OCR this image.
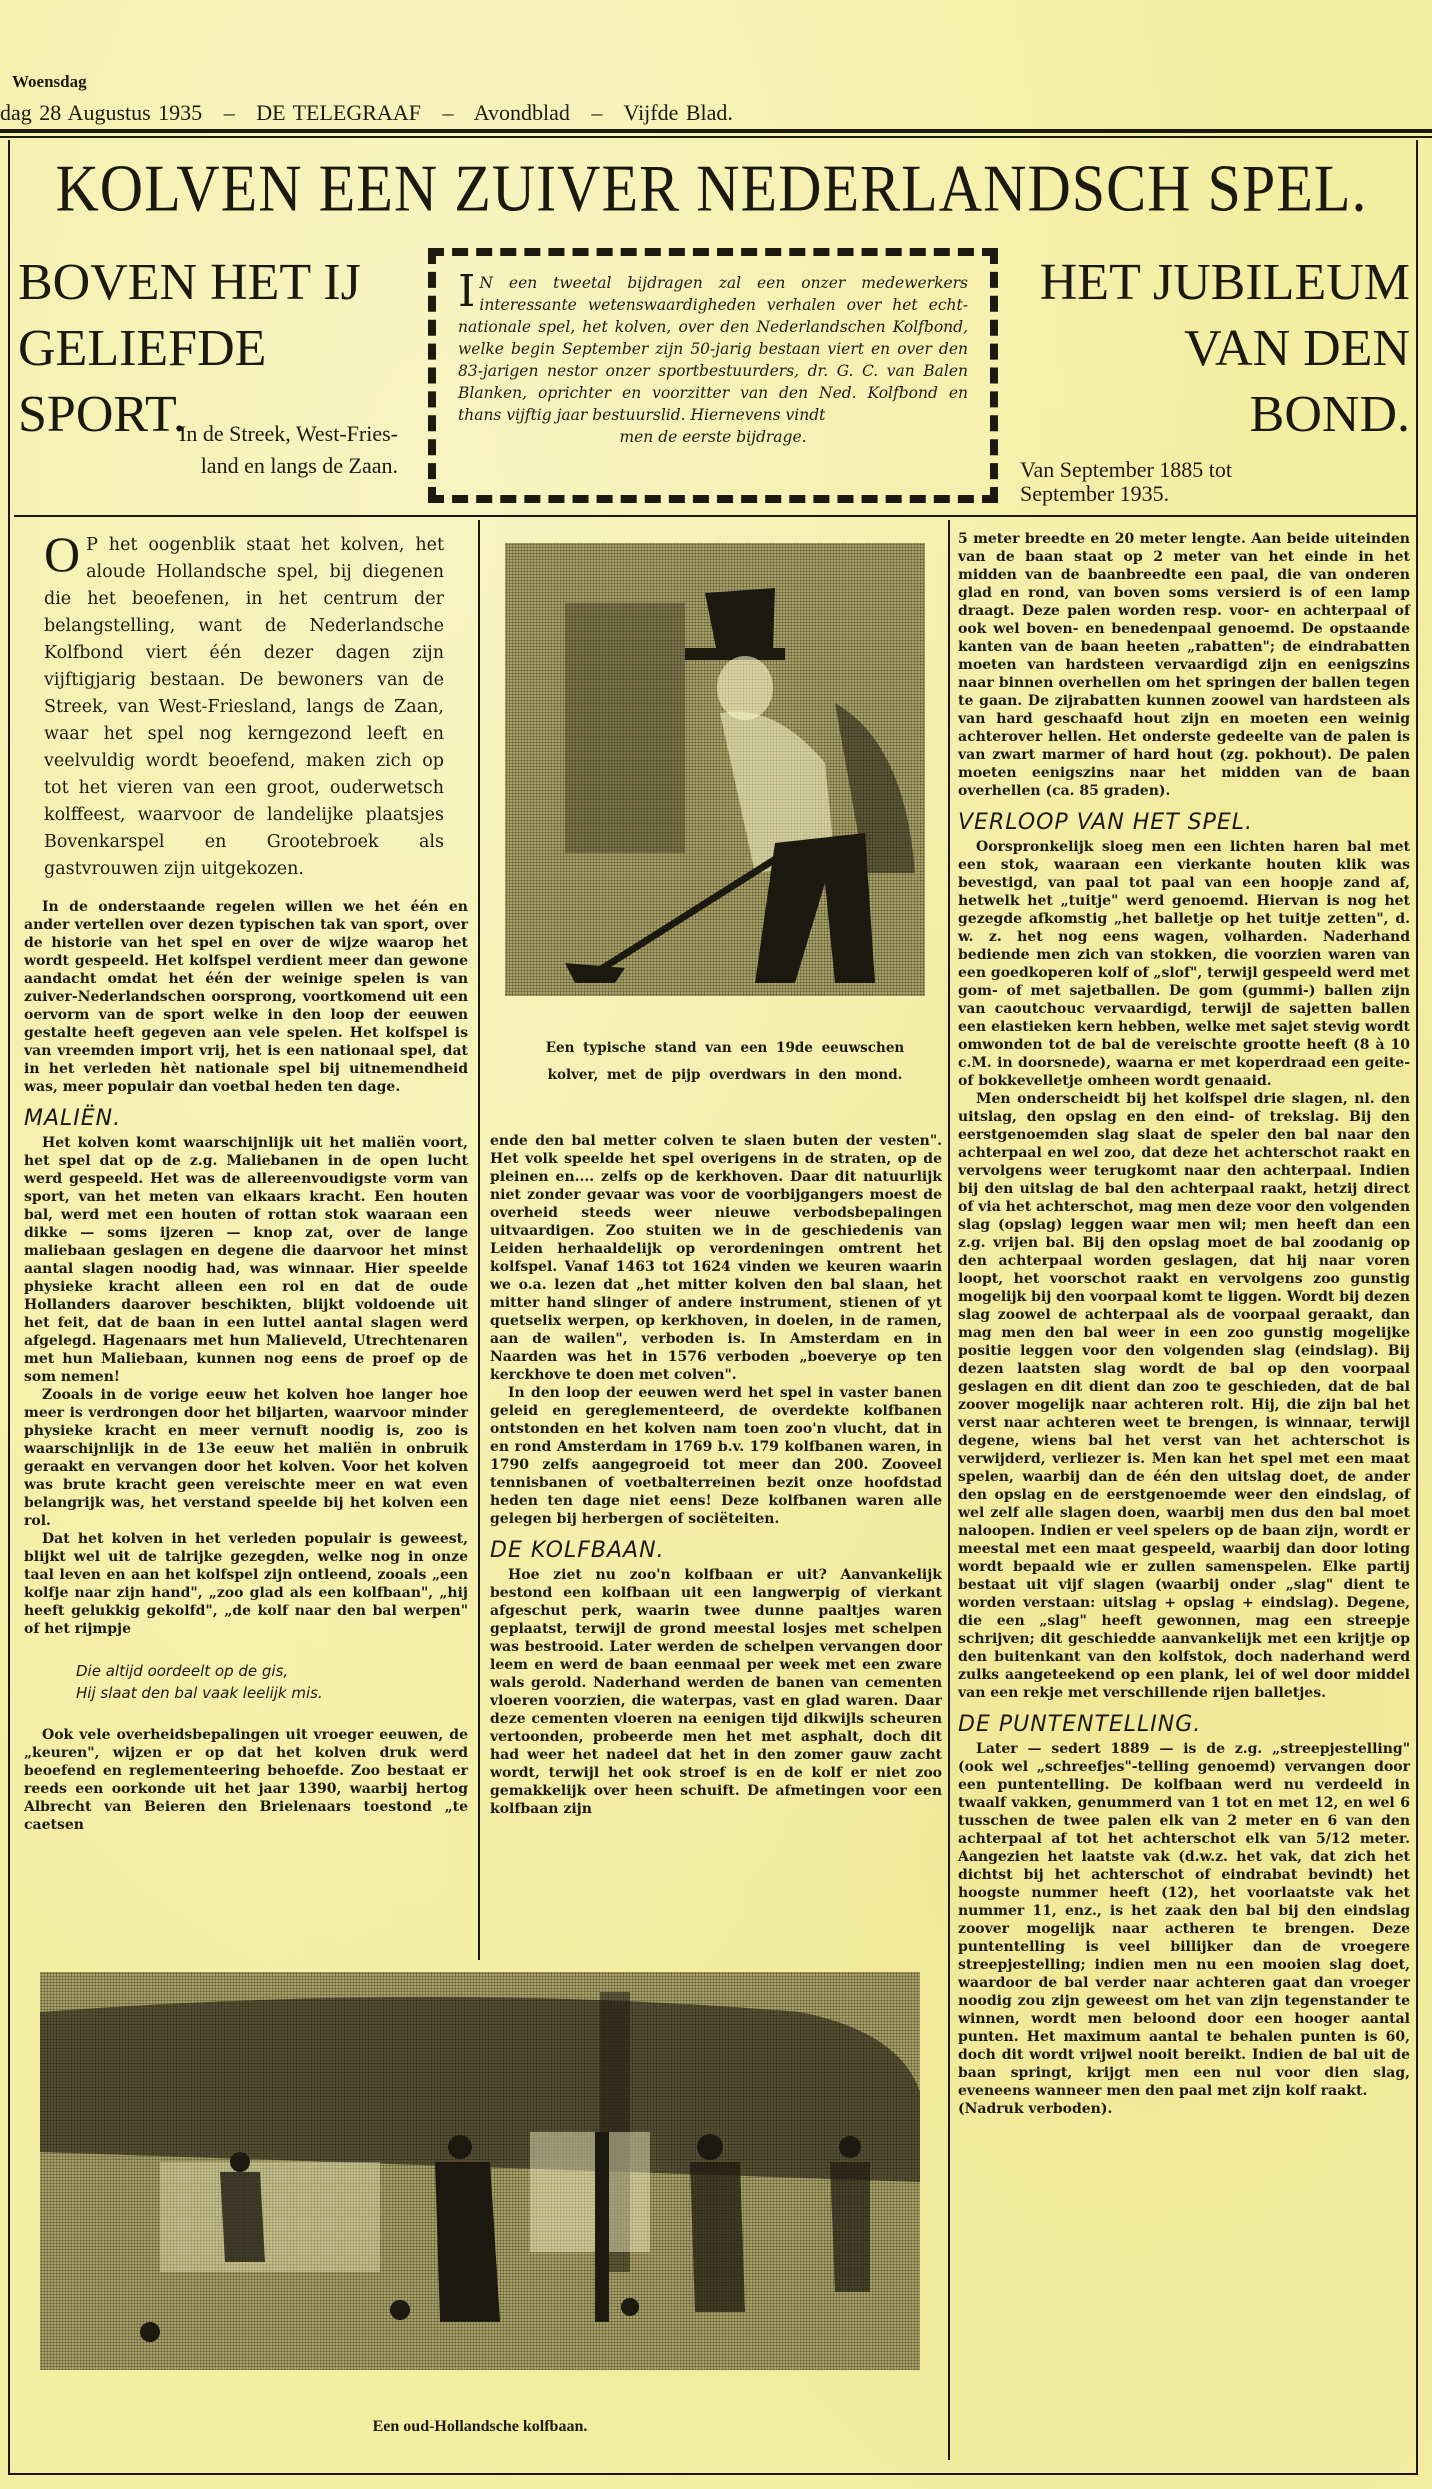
Woensdag
dag 28 Augustus 1935 – DE TELEGRAAF – Avondblad – Vijfde Blad.
KOLVEN EEN ZUIVER NEDERLANDSCH SPEL.
BOVEN HET IJ
GELIEFDE
SPORT.
In de Streek, West-Fries-
land en langs de Zaan.
I N een tweetal bijdragen zal een onzer medewerkers interessante wetenswaardigheden verhalen over het echt-nationale spel, het kolven, over den Nederlandschen Kolfbond, welke begin September zijn 50-jarig bestaan viert en over den 83-jarigen nestor onzer sportbestuurders, dr. G. C. van Balen Blanken, oprichter en voorzitter van den Ned. Kolfbond en thans vijftig jaar bestuurslid. Hiernevens vindt
men de eerste bijdrage.
HET JUBILEUM
VAN DEN
BOND.
Van September 1885 tot
September 1935.
O P het oogenblik staat het kolven, het aloude Hollandsche spel, bij diegenen die het beoefenen, in het centrum der belangstelling, want de Nederlandsche Kolfbond viert één dezer dagen zijn vijftigjarig bestaan. De bewoners van de Streek, van West-Friesland, langs de Zaan, waar het spel nog kerngezond leeft en veelvuldig wordt beoefend, maken zich op tot het vieren van een groot, ouderwetsch kolffeest, waarvoor de landelijke plaatsjes Bovenkarspel en Grootebroek als gastvrouwen zijn uitgekozen.

In de onderstaande regelen willen we het één en ander vertellen over dezen typischen tak van sport, over de historie van het spel en over de wijze waarop het wordt gespeeld. Het kolfspel verdient meer dan gewone aandacht omdat het één der weinige spelen is van zuiver-Nederlandschen oorsprong, voortkomend uit een oervorm van de sport welke in den loop der eeuwen gestalte heeft gegeven aan vele spelen. Het kolfspel is van vreemden import vrij, het is een nationaal spel, dat in het verleden hèt nationale spel bij uitnemendheid was, meer populair dan voetbal heden ten dage.

MALIËN.

Het kolven komt waarschijnlijk uit het maliën voort, het spel dat op de z.g. Maliebanen in de open lucht werd gespeeld. Het was de allereenvoudigste vorm van sport, van het meten van elkaars kracht. Een houten bal, werd met een houten of rottan stok waaraan een dikke — soms ijzeren — knop zat, over de lange maliebaan geslagen en degene die daarvoor het minst aantal slagen noodig had, was winnaar. Hier speelde physieke kracht alleen een rol en dat de oude Hollanders daarover beschikten, blijkt voldoende uit het feit, dat de baan in een luttel aantal slagen werd afgelegd. Hagenaars met hun Malieveld, Utrechtenaren met hun Maliebaan, kunnen nog eens de proef op de som nemen!

Zooals in de vorige eeuw het kolven hoe langer hoe meer is verdrongen door het biljarten, waarvoor minder physieke kracht en meer vernuft noodig is, zoo is waarschijnlijk in de 13e eeuw het maliën in onbruik geraakt en vervangen door het kolven. Voor het kolven was brute kracht geen vereischte meer en wat even belangrijk was, het verstand speelde bij het kolven een rol.

Dat het kolven in het verleden populair is geweest, blijkt wel uit de talrijke gezegden, welke nog in onze taal leven en aan het kolfspel zijn ontleend, zooals „een kolfje naar zijn hand", „zoo glad als een kolfbaan", „hij heeft gelukkig gekolfd", „de kolf naar den bal werpen" of het rijmpje

Die altijd oordeelt op de gis,
Hij slaat den bal vaak leelijk mis.

Ook vele overheidsbepalingen uit vroeger eeuwen, de „keuren", wijzen er op dat het kolven druk werd beoefend en reglementeering behoefde. Zoo bestaat er reeds een oorkonde uit het jaar 1390, waarbij hertog Albrecht van Beieren den Brielenaars toestond „te caetsen

Een typische stand van een 19de eeuwschen
kolver, met de pijp overdwars in den mond.

ende den bal metter colven te slaen buten der vesten". Het volk speelde het spel overigens in de straten, op de pleinen en.... zelfs op de kerkhoven. Daar dit natuurlijk niet zonder gevaar was voor de voorbijgangers moest de overheid steeds weer nieuwe verbodsbepalingen uitvaardigen. Zoo stuiten we in de geschiedenis van Leiden herhaaldelijk op verordeningen omtrent het kolfspel. Vanaf 1463 tot 1624 vinden we keuren waarin we o.a. lezen dat „het mitter kolven den bal slaan, het mitter hand slinger of andere instrument, stienen of yt quetselix werpen, op kerkhoven, in doelen, in de ramen, aan de wailen", verboden is. In Amsterdam en in Naarden was het in 1576 verboden „boeverye op ten kerckhove te doen met colven".

In den loop der eeuwen werd het spel in vaster banen geleid en gereglementeerd, de overdekte kolfbanen ontstonden en het kolven nam toen zoo'n vlucht, dat in en rond Amsterdam in 1769 b.v. 179 kolfbanen waren, in 1790 zelfs aangegroeid tot meer dan 200. Zooveel tennisbanen of voetbalterreinen bezit onze hoofdstad heden ten dage niet eens! Deze kolfbanen waren alle gelegen bij herbergen of sociëteiten.

DE KOLFBAAN.

Hoe ziet nu zoo'n kolfbaan er uit? Aanvankelijk bestond een kolfbaan uit een langwerpig of vierkant afgeschut perk, waarin twee dunne paaltjes waren geplaatst, terwijl de grond meestal losjes met schelpen was bestrooid. Later werden de schelpen vervangen door leem en werd de baan eenmaal per week met een zware wals gerold. Naderhand werden de banen van cementen vloeren voorzien, die waterpas, vast en glad waren. Daar deze cementen vloeren na eenigen tijd dikwijls scheuren vertoonden, probeerde men het met asphalt, doch dit had weer het nadeel dat het in den zomer gauw zacht wordt, terwijl het ook stroef is en de kolf er niet zoo gemakkelijk over heen schuift. De afmetingen voor een kolfbaan zijn

5 meter breedte en 20 meter lengte. Aan beide uiteinden van de baan staat op 2 meter van het einde in het midden van de baanbreedte een paal, die van onderen glad en rond, van boven soms versierd is of een lamp draagt. Deze palen worden resp. voor- en achterpaal of ook wel boven- en benedenpaal genoemd. De opstaande kanten van de baan heeten „rabatten"; de eindrabatten moeten van hardsteen vervaardigd zijn en eenigszins naar binnen overhellen om het springen der ballen tegen te gaan. De zijrabatten kunnen zoowel van hardsteen als van hard geschaafd hout zijn en moeten een weinig achterover hellen. Het onderste gedeelte van de palen is van zwart marmer of hard hout (zg. pokhout). De palen moeten eenigszins naar het midden van de baan overhellen (ca. 85 graden).

VERLOOP VAN HET SPEL.

Oorspronkelijk sloeg men een lichten haren bal met een stok, waaraan een vierkante houten klik was bevestigd, van paal tot paal van een hoopje zand af, hetwelk het „tuitje" werd genoemd. Hiervan is nog het gezegde afkomstig „het balletje op het tuitje zetten", d. w. z. het nog eens wagen, volharden. Naderhand bediende men zich van stokken, die voorzien waren van een goedkoperen kolf of „slof", terwijl gespeeld werd met gom- of met sajetballen. De gom (gummi-) ballen zijn van caoutchouc vervaardigd, terwijl de sajetten ballen een elastieken kern hebben, welke met sajet stevig wordt omwonden tot de bal de vereischte grootte heeft (8 à 10 c.M. in doorsnede), waarna er met koperdraad een geite- of bokkevelletje omheen wordt genaaid.

Men onderscheidt bij het kolfspel drie slagen, nl. den uitslag, den opslag en den eind- of trekslag. Bij den eerstgenoemden slag slaat de speler den bal naar den achterpaal en wel zoo, dat deze het achterschot raakt en vervolgens weer terugkomt naar den achterpaal. Indien bij den uitslag de bal den achterpaal raakt, hetzij direct of via het achterschot, mag men deze voor den volgenden slag (opslag) leggen waar men wil; men heeft dan een z.g. vrijen bal. Bij den opslag moet de bal zoodanig op den achterpaal worden geslagen, dat hij naar voren loopt, het voorschot raakt en vervolgens zoo gunstig mogelijk bij den voorpaal komt te liggen. Wordt bij dezen slag zoowel de achterpaal als de voorpaal geraakt, dan mag men den bal weer in een zoo gunstig mogelijke positie leggen voor den volgenden slag (eindslag). Bij dezen laatsten slag wordt de bal op den voorpaal geslagen en dit dient dan zoo te geschieden, dat de bal zoover mogelijk naar achteren rolt. Hij, die zijn bal het verst naar achteren weet te brengen, is winnaar, terwijl degene, wiens bal het verst van het achterschot is verwijderd, verliezer is. Men kan het spel met een maat spelen, waarbij dan de één den uitslag doet, de ander den opslag en de eerstgenoemde weer den eindslag, of wel zelf alle slagen doen, waarbij men dus den bal moet naloopen. Indien er veel spelers op de baan zijn, wordt er meestal met een maat gespeeld, waarbij dan door loting wordt bepaald wie er zullen samenspelen. Elke partij bestaat uit vijf slagen (waarbij onder „slag" dient te worden verstaan: uitslag + opslag + eindslag). Degene, die een „slag" heeft gewonnen, mag een streepje schrijven; dit geschiedde aanvankelijk met een krijtje op den buitenkant van den kolfstok, doch naderhand werd zulks aangeteekend op een plank, lei of wel door middel van een rekje met verschillende rijen balletjes.

DE PUNTENTELLING.

Later — sedert 1889 — is de z.g. „streepjestelling" (ook wel „schreefjes"-telling genoemd) vervangen door een puntentelling. De kolfbaan werd nu verdeeld in twaalf vakken, genummerd van 1 tot en met 12, en wel 6 tusschen de twee palen elk van 2 meter en 6 van den achterpaal af tot het achterschot elk van 5/12 meter. Aangezien het laatste vak (d.w.z. het vak, dat zich het dichtst bij het achterschot of eindrabat bevindt) het hoogste nummer heeft (12), het voorlaatste vak het nummer 11, enz., is het zaak den bal bij den eindslag zoover mogelijk naar actheren te brengen. Deze puntentelling is veel billijker dan de vroegere streepjestelling; indien men nu een mooien slag doet, waardoor de bal verder naar achteren gaat dan vroeger noodig zou zijn geweest om het van zijn tegenstander te winnen, wordt men beloond door een hooger aantal punten. Het maximum aantal te behalen punten is 60, doch dit wordt vrijwel nooit bereikt. Indien de bal uit de baan springt, krijgt men een nul voor dien slag, eveneens wanneer men den paal met zijn kolf raakt.

(Nadruk verboden).

Een oud-Hollandsche kolfbaan.
